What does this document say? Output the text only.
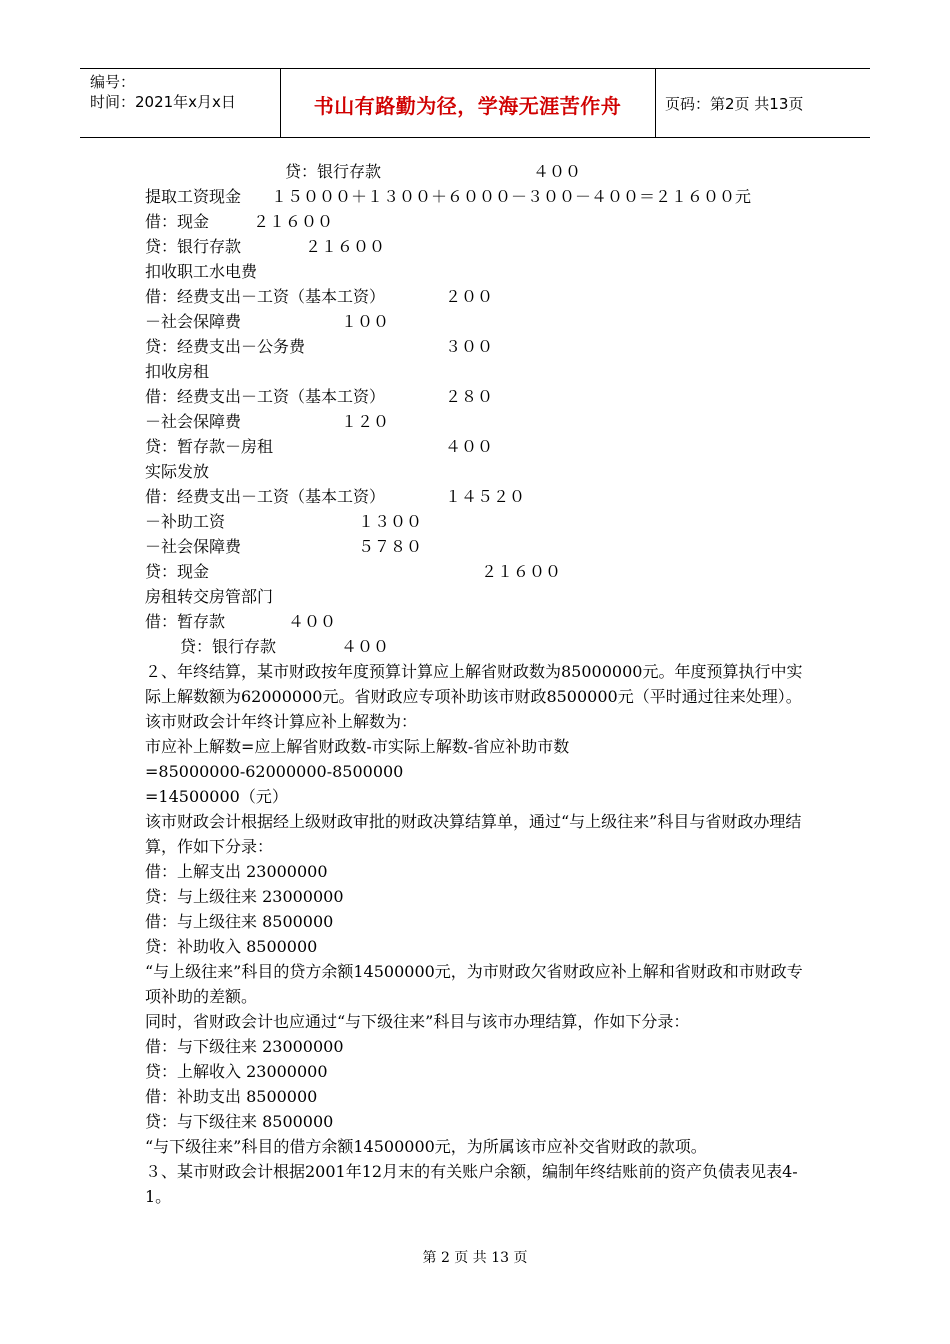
编号：
时间：2021年x月x日	书山有路勤为径，学海无涯苦作舟	页码：第2页 共13页
贷：银行存款	４００
提取工资现金 １５０００＋１３００＋６０００－３００－４００＝２１６００元
借：现金	２１６００
贷：银行存款	２１６００
扣收职工水电费
借：经费支出－工资（基本工资）	２００
－社会保障费	１００
贷：经费支出－公务费	３００
扣收房租
借：经费支出－工资（基本工资）	２８０
－社会保障费	１２０
贷：暂存款－房租	４００
实际发放
借：经费支出－工资（基本工资）	１４５２０
－补助工资	１３００
－社会保障费	５７８０
贷：现金	２１６００
房租转交房管部门
借：暂存款	４００
贷：银行存款	４００
２、年终结算，某市财政按年度预算计算应上解省财政数为85000000元。年度预算执行中实际上解数额为62000000元。省财政应专项补助该市财政8500000元（平时通过往来处理）。
该市财政会计年终计算应补上解数为：
市应补上解数=应上解省财政数-市实际上解数-省应补助市数
=85000000-62000000-8500000
=14500000（元）
该市财政会计根据经上级财政审批的财政决算结算单，通过“与上级往来”科目与省财政办理结算，作如下分录：
借：上解支出 23000000
贷：与上级往来 23000000
借：与上级往来 8500000
贷：补助收入 8500000
“与上级往来”科目的贷方余额14500000元，为市财政欠省财政应补上解和省财政和市财政专项补助的差额。
同时，省财政会计也应通过“与下级往来”科目与该市办理结算，作如下分录：
借：与下级往来 23000000
贷：上解收入 23000000
借：补助支出 8500000
贷：与下级往来 8500000
“与下级往来”科目的借方余额14500000元，为所属该市应补交省财政的款项。
３、某市财政会计根据2001年12月末的有关账户余额，编制年终结账前的资产负债表见表4-1。
第 2 页 共 13 页
